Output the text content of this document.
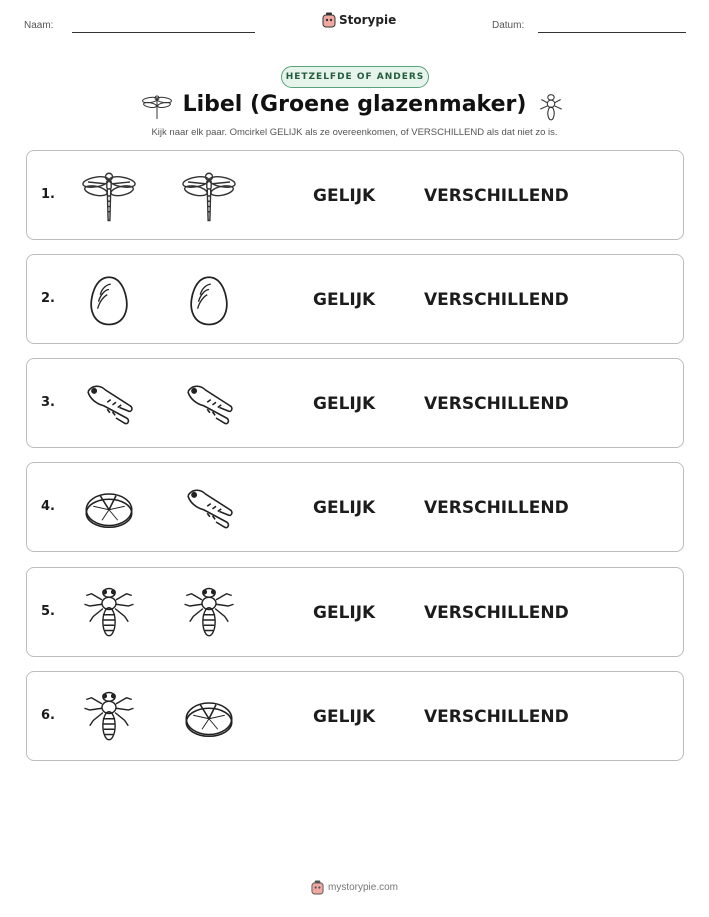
Naam:	Storypie	Datum:
HETZELFDE OF ANDERS
Libel (Groene glazenmaker)
Kijk naar elk paar. Omcirkel GELIJK als ze overeenkomen, of VERSCHILLEND als dat niet zo is.
1.	GELIJK	VERSCHILLEND
2.	GELIJK	VERSCHILLEND
3.	GELIJK	VERSCHILLEND
4.	GELIJK	VERSCHILLEND
5.	GELIJK	VERSCHILLEND
6.	GELIJK	VERSCHILLEND
mystorypie.com
